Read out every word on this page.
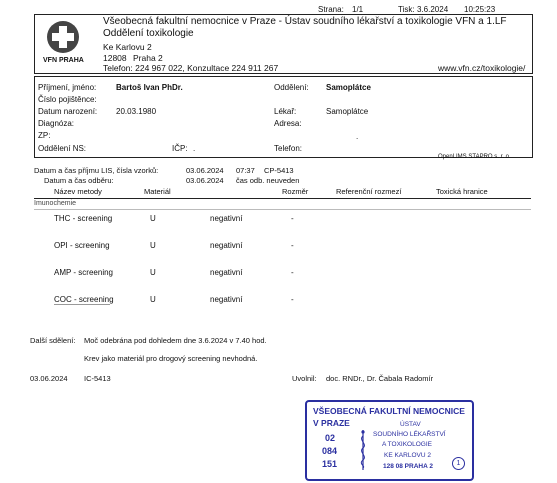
Strana: 1/1	Tisk: 3.6.2024 10:25:23
VFN PRAHA
Všeobecná fakultní nemocnice v Praze - Ústav soudního lékařství a toxikologie VFN a 1.LF
Oddělení toxikologie
Ke Karlovu 2
12808 Praha 2
Telefon: 224 967 022, Konzultace 224 911 267	www.vfn.cz/toxikologie/
Příjmení, jméno: Bartoš Ivan PhDr.
Číslo pojištěnce:
Datum narození: 20.03.1980
Diagnóza:
ZP:
Oddělení NS:	IČP: .
Oddělení: Samoplátce
Lékař:	Samoplátce
Adresa:
.
Telefon:
OpenLIMS STAPRO s. r. o.
Datum a čas příjmu LIS, čísla vzorků:	03.06.2024 07:37 CP-5413
Datum a čas odběru:	03.06.2024 čas odb. neuveden
Název metody	Materiál	Rozměr	Referenční rozmezí	Toxická hranice
Imunochemie
THC - screening	U	negativní	-
OPI - screening	U	negativní	-
AMP - screening	U	negativní	-
COC - screening	U	negativní	-
Další sdělení: Moč odebrána pod dohledem dne 3.6.2024 v 7.40 hod.
Krev jako materiál pro drogový screening nevhodná.
03.06.2024 IC-5413	Uvolnil: doc. RNDr., Dr. Čabala Radomír
VŠEOBECNÁ FAKULTNÍ NEMOCNICE
V PRAZE
02
084
151
ÚSTAV
SOUDNÍHO LÉKAŘSTVÍ
A TOXIKOLOGIE
KE KARLOVU 2
128 08 PRAHA 2	1
